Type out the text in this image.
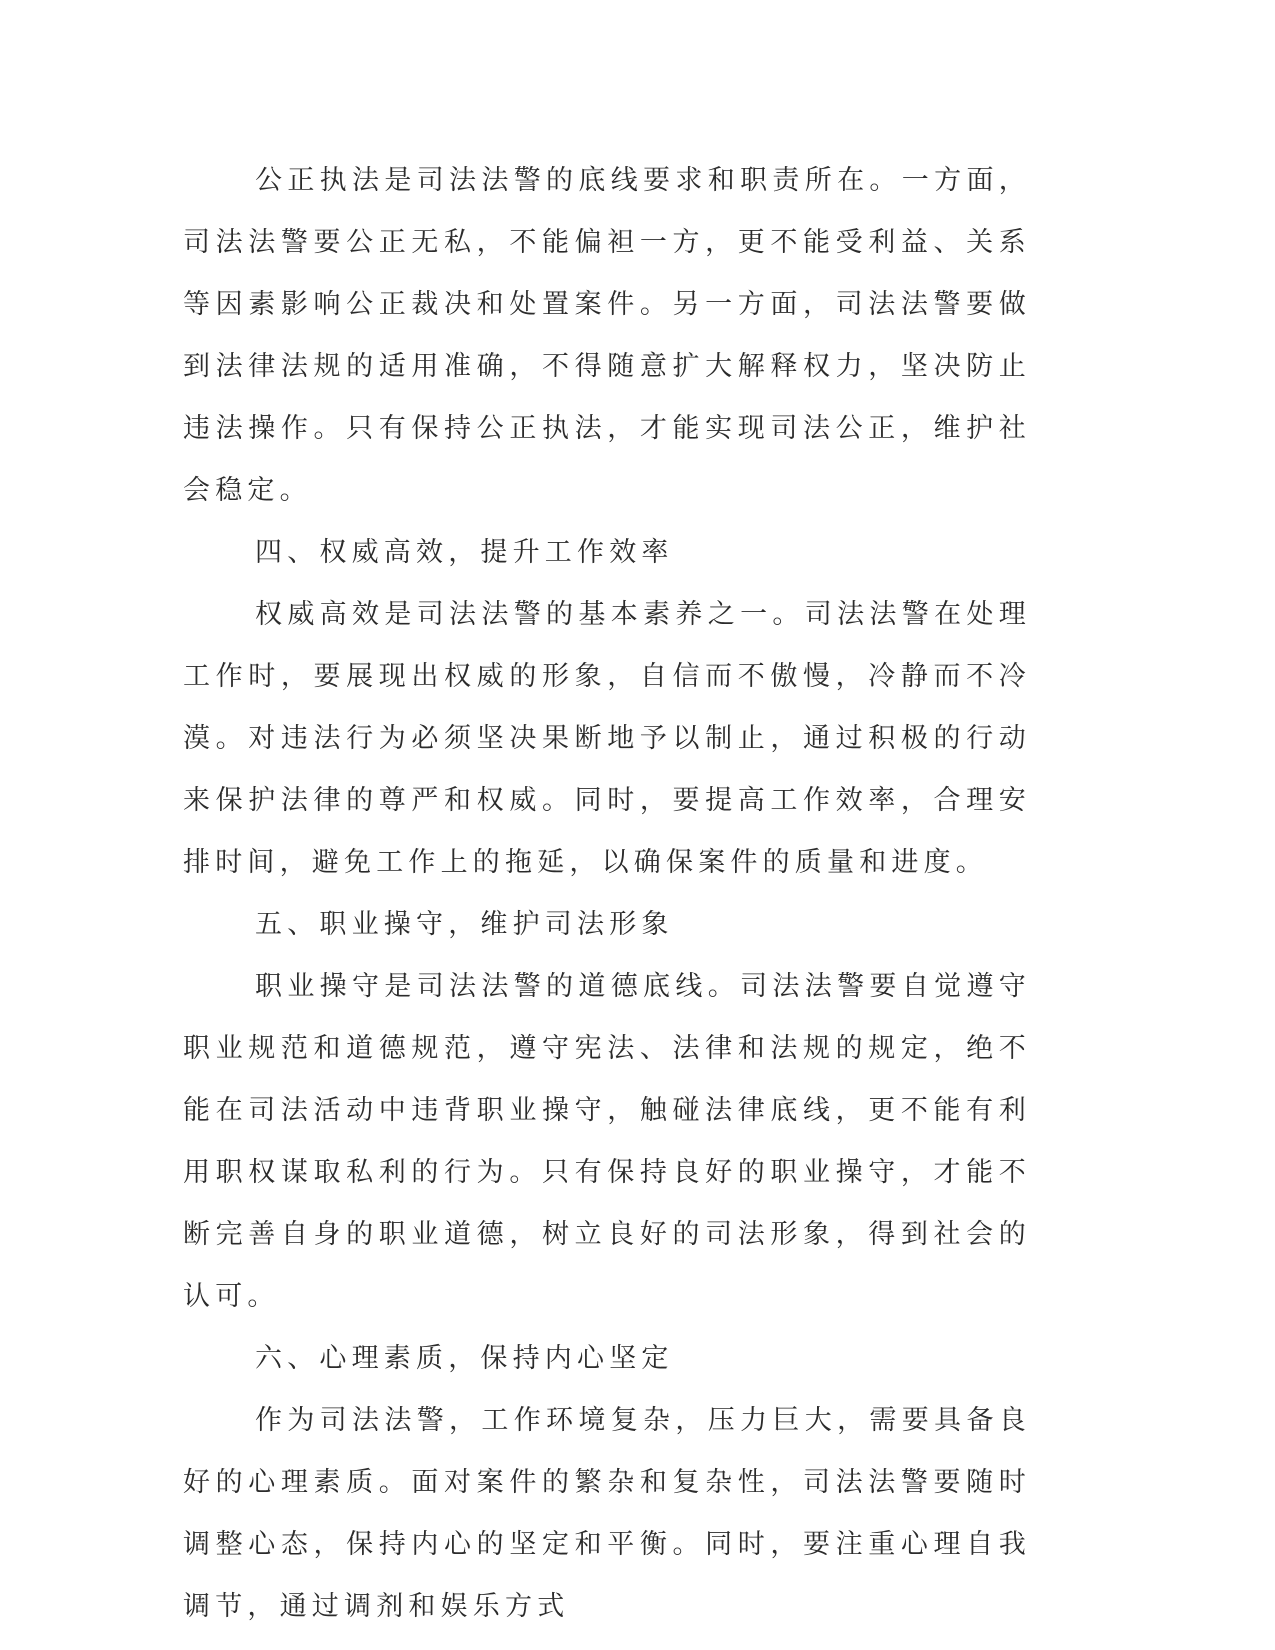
公正执法是司法法警的底线要求和职责所在。一方面，司法法警要公正无私，不能偏袒一方，更不能受利益、关系等因素影响公正裁决和处置案件。另一方面，司法法警要做到法律法规的适用准确，不得随意扩大解释权力，坚决防止违法操作。只有保持公正执法，才能实现司法公正，维护社会稳定。

四、权威高效，提升工作效率

权威高效是司法法警的基本素养之一。司法法警在处理工作时，要展现出权威的形象，自信而不傲慢，冷静而不冷漠。对违法行为必须坚决果断地予以制止，通过积极的行动来保护法律的尊严和权威。同时，要提高工作效率，合理安排时间，避免工作上的拖延，以确保案件的质量和进度。

五、职业操守，维护司法形象

职业操守是司法法警的道德底线。司法法警要自觉遵守职业规范和道德规范，遵守宪法、法律和法规的规定，绝不能在司法活动中违背职业操守，触碰法律底线，更不能有利用职权谋取私利的行为。只有保持良好的职业操守，才能不断完善自身的职业道德，树立良好的司法形象，得到社会的认可。

六、心理素质，保持内心坚定

作为司法法警，工作环境复杂，压力巨大，需要具备良好的心理素质。面对案件的繁杂和复杂性，司法法警要随时调整心态，保持内心的坚定和平衡。同时，要注重心理自我调节，通过调剂和娱乐方式
